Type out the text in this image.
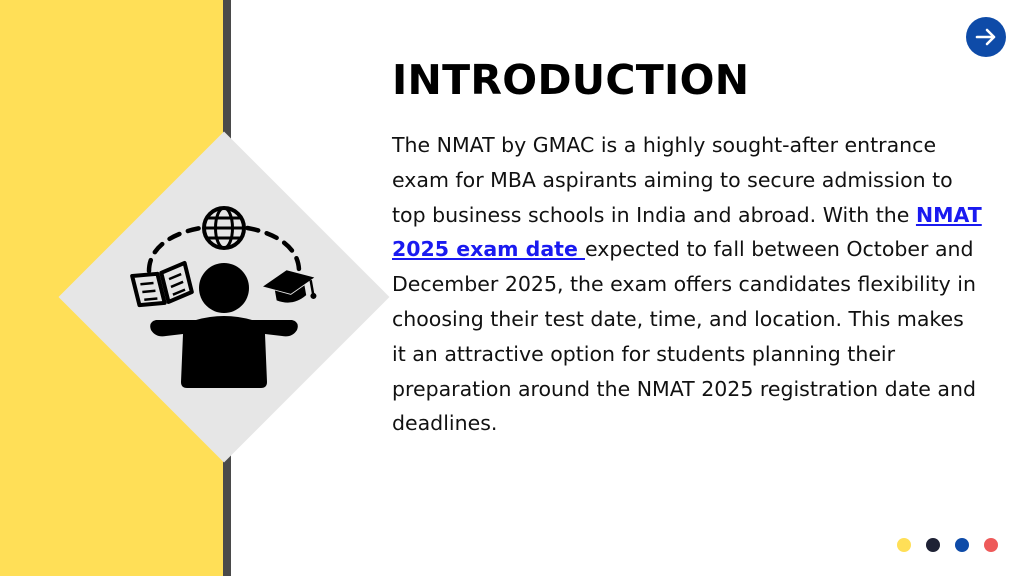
INTRODUCTION

The NMAT by GMAC is a highly sought-after entrance exam for MBA aspirants aiming to secure admission to top business schools in India and abroad. With the NMAT 2025 exam date expected to fall between October and December 2025, the exam offers candidates flexibility in choosing their test date, time, and location. This makes it an attractive option for students planning their preparation around the NMAT 2025 registration date and deadlines.
